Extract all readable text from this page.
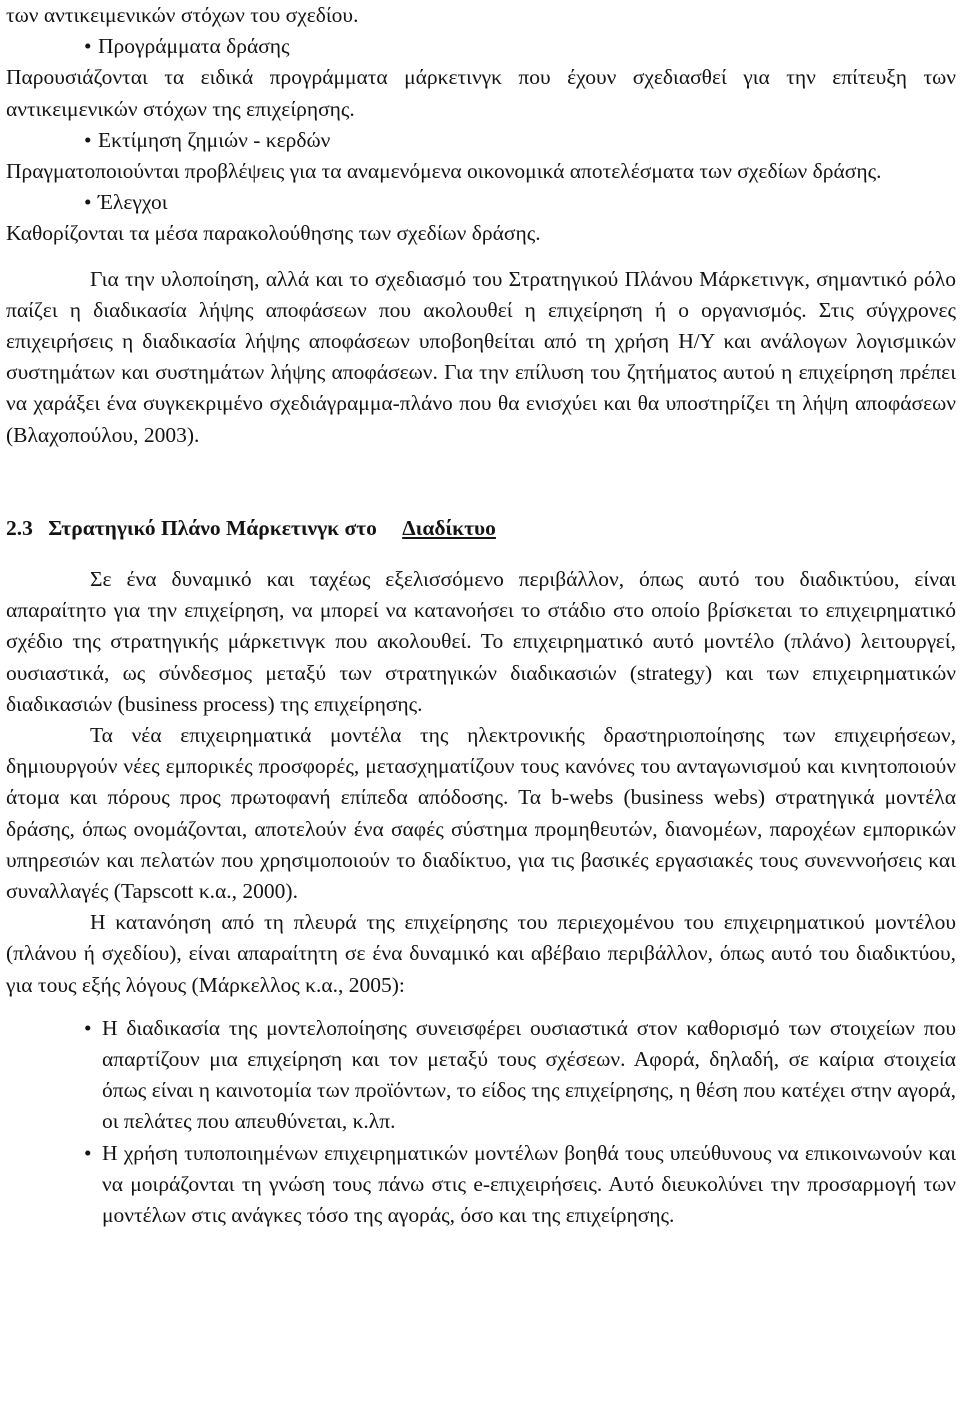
των αντικειμενικών στόχων του σχεδίου.
• Προγράμματα δράσης

Παρουσιάζονται τα ειδικά προγράμματα μάρκετινγκ που έχουν σχεδιασθεί για την επίτευξη των αντικειμενικών στόχων της επιχείρησης.

• Εκτίμηση ζημιών - κερδών

Πραγματοποιούνται προβλέψεις για τα αναμενόμενα οικονομικά αποτελέσματα των σχεδίων δράσης.

• Έλεγχοι

Καθορίζονται τα μέσα παρακολούθησης των σχεδίων δράσης.

Για την υλοποίηση, αλλά και το σχεδιασμό του Στρατηγικού Πλάνου Μάρκετινγκ, σημαντικό ρόλο παίζει η διαδικασία λήψης αποφάσεων που ακολουθεί η επιχείρηση ή ο οργανισμός. Στις σύγχρονες επιχειρήσεις η διαδικασία λήψης αποφάσεων υποβοηθείται από τη χρήση Η/Υ και ανάλογων λογισμικών συστημάτων και συστημάτων λήψης αποφάσεων. Για την επίλυση του ζητήματος αυτού η επιχείρηση πρέπει να χαράξει ένα συγκεκριμένο σχεδιάγραμμα-πλάνο που θα ενισχύει και θα υποστηρίζει τη λήψη αποφάσεων (Βλαχοπούλου, 2003).

2.3 Στρατηγικό Πλάνο Μάρκετινγκ στο Διαδίκτυο

Σε ένα δυναμικό και ταχέως εξελισσόμενο περιβάλλον, όπως αυτό του διαδικτύου, είναι απαραίτητο για την επιχείρηση, να μπορεί να κατανοήσει το στάδιο στο οποίο βρίσκεται το επιχειρηματικό σχέδιο της στρατηγικής μάρκετινγκ που ακολουθεί. Το επιχειρηματικό αυτό μοντέλο (πλάνο) λειτουργεί, ουσιαστικά, ως σύνδεσμος μεταξύ των στρατηγικών διαδικασιών (strategy) και των επιχειρηματικών διαδικασιών (business process) της επιχείρησης.

Τα νέα επιχειρηματικά μοντέλα της ηλεκτρονικής δραστηριοποίησης των επιχειρήσεων, δημιουργούν νέες εμπορικές προσφορές, μετασχηματίζουν τους κανόνες του ανταγωνισμού και κινητοποιούν άτομα και πόρους προς πρωτοφανή επίπεδα απόδοσης. Τα b-webs (business webs) στρατηγικά μοντέλα δράσης, όπως ονομάζονται, αποτελούν ένα σαφές σύστημα προμηθευτών, διανομέων, παροχέων εμπορικών υπηρεσιών και πελατών που χρησιμοποιούν το διαδίκτυο, για τις βασικές εργασιακές τους συνεννοήσεις και συναλλαγές (Tapscott κ.α., 2000).

Η κατανόηση από τη πλευρά της επιχείρησης του περιεχομένου του επιχειρηματικού μοντέλου (πλάνου ή σχεδίου), είναι απαραίτητη σε ένα δυναμικό και αβέβαιο περιβάλλον, όπως αυτό του διαδικτύου, για τους εξής λόγους (Μάρκελλος κ.α., 2005):

• Η διαδικασία της μοντελοποίησης συνεισφέρει ουσιαστικά στον καθορισμό των στοιχείων που απαρτίζουν μια επιχείρηση και τον μεταξύ τους σχέσεων. Αφορά, δηλαδή, σε καίρια στοιχεία όπως είναι η καινοτομία των προϊόντων, το είδος της επιχείρησης, η θέση που κατέχει στην αγορά, οι πελάτες που απευθύνεται, κ.λπ.
• Η χρήση τυποποιημένων επιχειρηματικών μοντέλων βοηθά τους υπεύθυνους να επικοινωνούν και να μοιράζονται τη γνώση τους πάνω στις e-επιχειρήσεις. Αυτό διευκολύνει την προσαρμογή των μοντέλων στις ανάγκες τόσο της αγοράς, όσο και της επιχείρησης.
